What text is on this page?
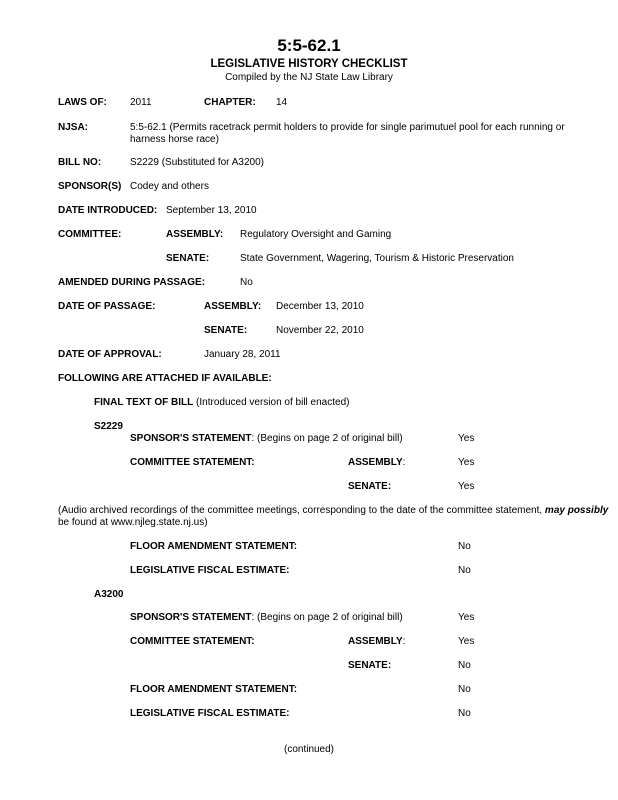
5:5-62.1
LEGISLATIVE HISTORY CHECKLIST
Compiled by the NJ State Law Library
LAWS OF: 2011	CHAPTER: 14
NJSA:	5:5-62.1 (Permits racetrack permit holders to provide for single parimutuel pool for each running or harness horse race)
BILL NO:	S2229 (Substituted for A3200)
SPONSOR(S) Codey and others
DATE INTRODUCED: September 13, 2010
COMMITTEE:	ASSEMBLY: Regulatory Oversight and Gaming
SENATE:	State Government, Wagering, Tourism & Historic Preservation
AMENDED DURING PASSAGE:	No
DATE OF PASSAGE:	ASSEMBLY: December 13, 2010
SENATE:	November 22, 2010
DATE OF APPROVAL:	January 28, 2011
FOLLOWING ARE ATTACHED IF AVAILABLE:
FINAL TEXT OF BILL (Introduced version of bill enacted)
S2229
SPONSOR'S STATEMENT: (Begins on page 2 of original bill)	Yes
COMMITTEE STATEMENT:	ASSEMBLY:	Yes
SENATE:	Yes
(Audio archived recordings of the committee meetings, corresponding to the date of the committee statement, may possibly
be found at www.njleg.state.nj.us)
FLOOR AMENDMENT STATEMENT:	No
LEGISLATIVE FISCAL ESTIMATE:	No
A3200
SPONSOR'S STATEMENT: (Begins on page 2 of original bill)	Yes
COMMITTEE STATEMENT:	ASSEMBLY:	Yes
SENATE:	No
FLOOR AMENDMENT STATEMENT:	No
LEGISLATIVE FISCAL ESTIMATE:	No
(continued)
